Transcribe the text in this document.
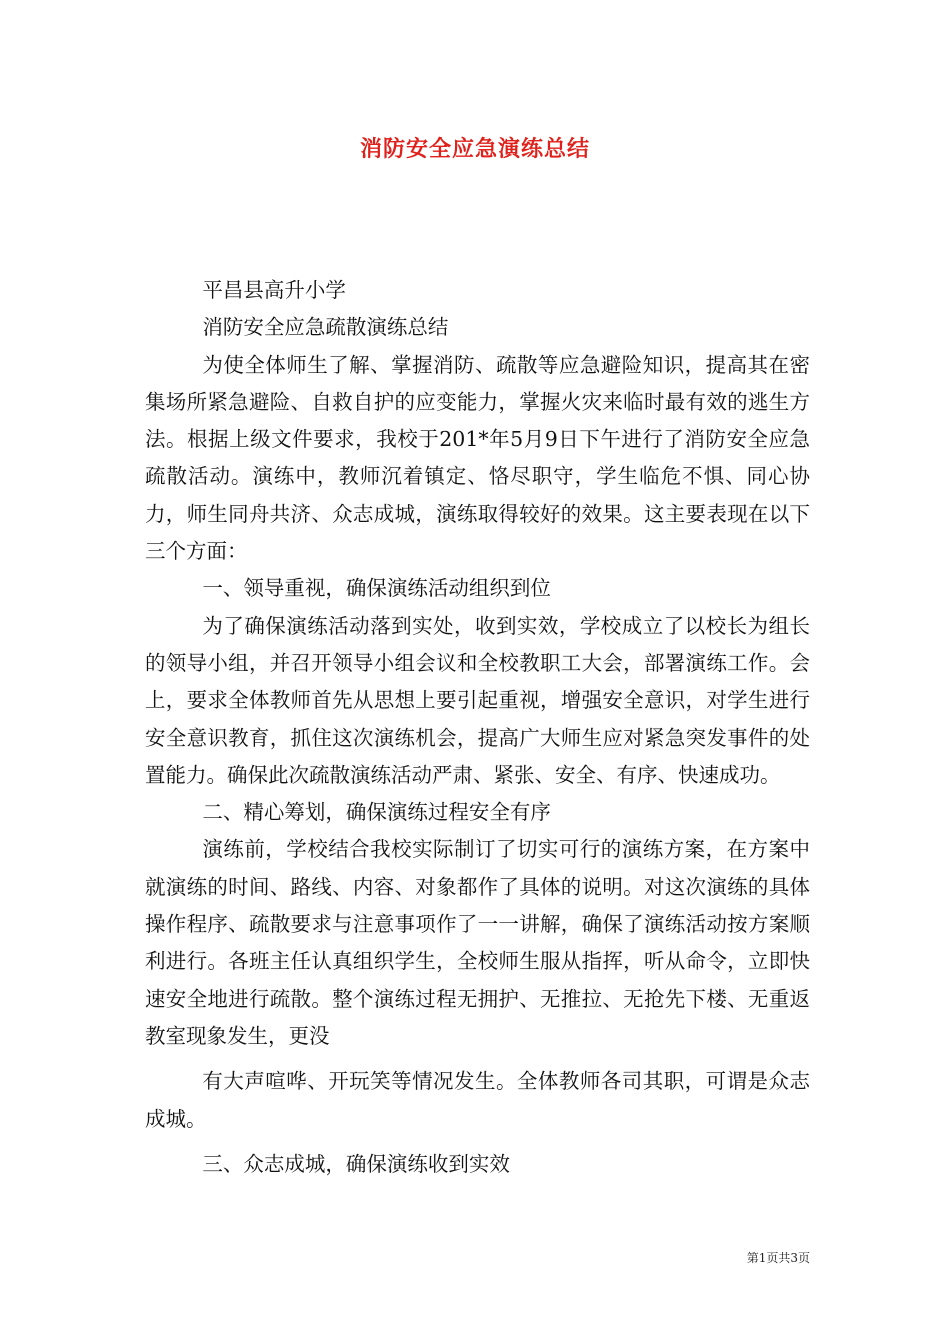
消防安全应急演练总结

平昌县高升小学

消防安全应急疏散演练总结

为使全体师生了解、掌握消防、疏散等应急避险知识，提高其在密集场所紧急避险、自救自护的应变能力，掌握火灾来临时最有效的逃生方法。根据上级文件要求，我校于201*年5月9日下午进行了消防安全应急疏散活动。演练中，教师沉着镇定、恪尽职守，学生临危不惧、同心协力，师生同舟共济、众志成城，演练取得较好的效果。这主要表现在以下三个方面：

一、领导重视，确保演练活动组织到位

为了确保演练活动落到实处，收到实效，学校成立了以校长为组长的领导小组，并召开领导小组会议和全校教职工大会，部署演练工作。会上，要求全体教师首先从思想上要引起重视，增强安全意识，对学生进行安全意识教育，抓住这次演练机会，提高广大师生应对紧急突发事件的处置能力。确保此次疏散演练活动严肃、紧张、安全、有序、快速成功。

二、精心筹划，确保演练过程安全有序

演练前，学校结合我校实际制订了切实可行的演练方案，在方案中就演练的时间、路线、内容、对象都作了具体的说明。对这次演练的具体操作程序、疏散要求与注意事项作了一一讲解，确保了演练活动按方案顺利进行。各班主任认真组织学生，全校师生服从指挥，听从命令，立即快速安全地进行疏散。整个演练过程无拥护、无推拉、无抢先下楼、无重返教室现象发生，更没

有大声喧哗、开玩笑等情况发生。全体教师各司其职，可谓是众志成城。

三、众志成城，确保演练收到实效

第1页共3页
